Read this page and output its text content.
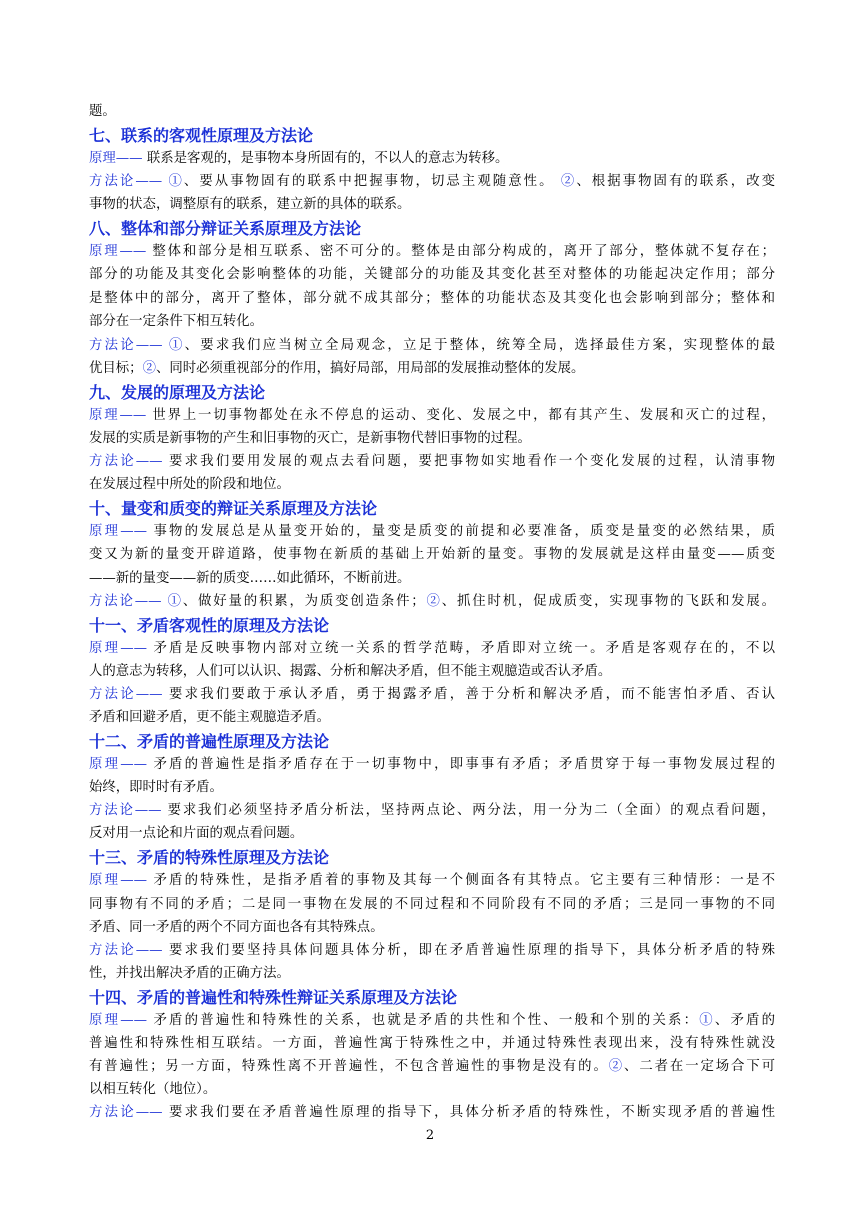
题。
七、联系的客观性原理及方法论
原理—— 联系是客观的，是事物本身所固有的，不以人的意志为转移。
方法论—— ①、要从事物固有的联系中把握事物，切忌主观随意性。 ②、根据事物固有的联系，改变
事物的状态，调整原有的联系，建立新的具体的联系。
八、整体和部分辩证关系原理及方法论
原理—— 整体和部分是相互联系、密不可分的。整体是由部分构成的，离开了部分，整体就不复存在；
部分的功能及其变化会影响整体的功能，关键部分的功能及其变化甚至对整体的功能起决定作用；部分
是整体中的部分，离开了整体，部分就不成其部分；整体的功能状态及其变化也会影响到部分；整体和
部分在一定条件下相互转化。
方法论—— ①、要求我们应当树立全局观念，立足于整体，统筹全局，选择最佳方案，实现整体的最
优目标；②、同时必须重视部分的作用，搞好局部，用局部的发展推动整体的发展。
九、发展的原理及方法论
原理—— 世界上一切事物都处在永不停息的运动、变化、发展之中，都有其产生、发展和灭亡的过程，
发展的实质是新事物的产生和旧事物的灭亡，是新事物代替旧事物的过程。
方法论—— 要求我们要用发展的观点去看问题，要把事物如实地看作一个变化发展的过程，认清事物
在发展过程中所处的阶段和地位。
十、量变和质变的辩证关系原理及方法论
原理—— 事物的发展总是从量变开始的，量变是质变的前提和必要准备，质变是量变的必然结果，质
变又为新的量变开辟道路，使事物在新质的基础上开始新的量变。事物的发展就是这样由量变——质变
——新的量变——新的质变……如此循环，不断前进。
方法论—— ①、做好量的积累，为质变创造条件；②、抓住时机，促成质变，实现事物的飞跃和发展。
十一、矛盾客观性的原理及方法论
原理—— 矛盾是反映事物内部对立统一关系的哲学范畴，矛盾即对立统一。矛盾是客观存在的，不以
人的意志为转移，人们可以认识、揭露、分析和解决矛盾，但不能主观臆造或否认矛盾。
方法论—— 要求我们要敢于承认矛盾，勇于揭露矛盾，善于分析和解决矛盾，而不能害怕矛盾、否认
矛盾和回避矛盾，更不能主观臆造矛盾。
十二、矛盾的普遍性原理及方法论
原理—— 矛盾的普遍性是指矛盾存在于一切事物中，即事事有矛盾；矛盾贯穿于每一事物发展过程的
始终，即时时有矛盾。
方法论—— 要求我们必须坚持矛盾分析法，坚持两点论、两分法，用一分为二（全面）的观点看问题，
反对用一点论和片面的观点看问题。
十三、矛盾的特殊性原理及方法论
原理—— 矛盾的特殊性，是指矛盾着的事物及其每一个侧面各有其特点。它主要有三种情形：一是不
同事物有不同的矛盾；二是同一事物在发展的不同过程和不同阶段有不同的矛盾；三是同一事物的不同
矛盾、同一矛盾的两个不同方面也各有其特殊点。
方法论—— 要求我们要坚持具体问题具体分析，即在矛盾普遍性原理的指导下，具体分析矛盾的特殊
性，并找出解决矛盾的正确方法。
十四、矛盾的普遍性和特殊性辩证关系原理及方法论
原理—— 矛盾的普遍性和特殊性的关系，也就是矛盾的共性和个性、一般和个别的关系：①、矛盾的
普遍性和特殊性相互联结。一方面，普遍性寓于特殊性之中，并通过特殊性表现出来，没有特殊性就没
有普遍性；另一方面，特殊性离不开普遍性，不包含普遍性的事物是没有的。②、二者在一定场合下可
以相互转化（地位）。
方法论—— 要求我们要在矛盾普遍性原理的指导下，具体分析矛盾的特殊性，不断实现矛盾的普遍性
2
